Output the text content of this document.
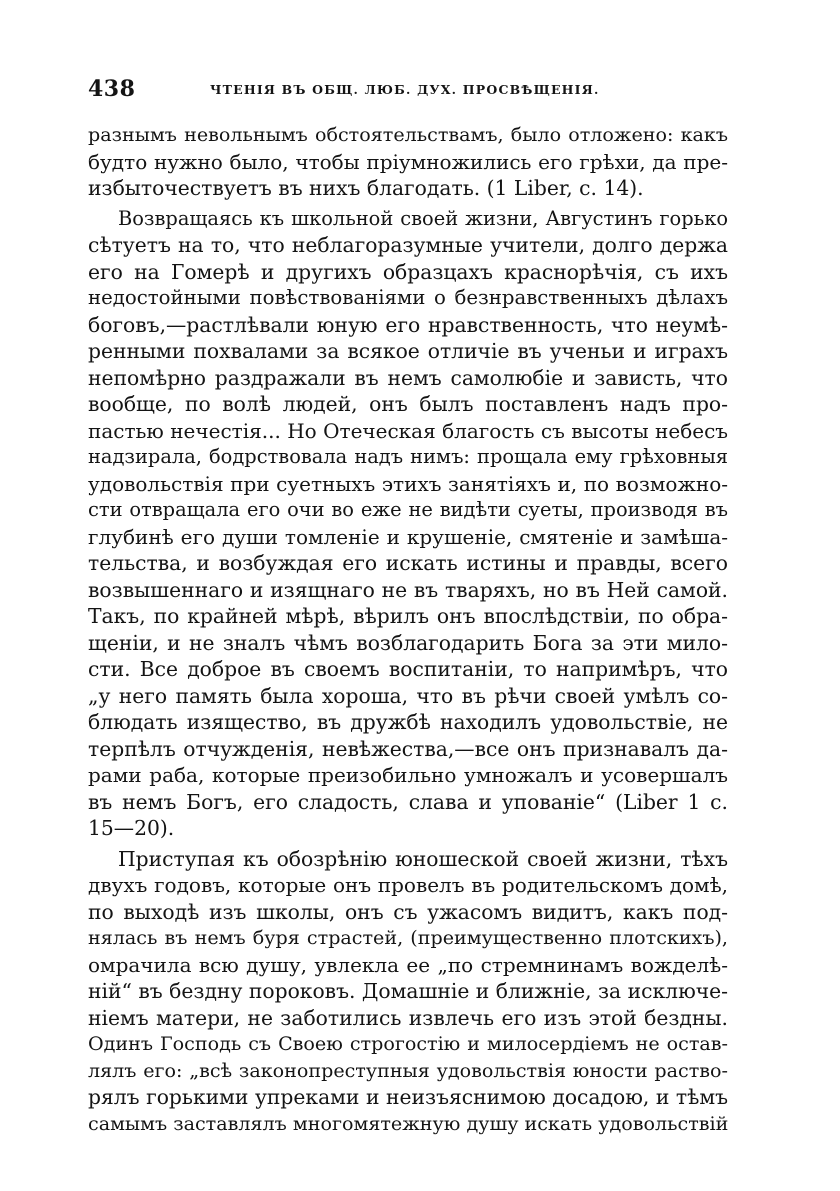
438	ЧТЕНІЯ ВЪ ОБЩ. ЛЮБ. ДУХ. ПРОСВѢЩЕНІЯ.
разнымъ невольнымъ обстоятельствамъ, было отложено: какъ
будто нужно было, чтобы пріумножились его грѣхи, да пре-
избыточествуетъ въ нихъ благодать. (1 Liber, c. 14).
Возвращаясь къ школьной своей жизни, Августинъ горько
сѣтуетъ на то, что неблагоразумные учители, долго держа
его на Гомерѣ и другихъ образцахъ краснорѣчія, съ ихъ
недостойными повѣствованіями о безнравственныхъ дѣлахъ
боговъ,—растлѣвали юную его нравственность, что неумѣ-
ренными похвалами за всякое отличіе въ ученьи и играхъ
непомѣрно раздражали въ немъ самолюбіе и зависть, что
вообще, по волѣ людей, онъ былъ поставленъ надъ про-
пастью нечестія... Но Отеческая благость съ высоты небесъ
надзирала, бодрствовала надъ нимъ: прощала ему грѣховныя
удовольствія при суетныхъ этихъ занятіяхъ и, по возможно-
сти отвращала его очи во еже не видѣти суеты, производя въ
глубинѣ его души томленіе и крушеніе, смятеніе и замѣша-
тельства, и возбуждая его искать истины и правды, всего
возвышеннаго и изящнаго не въ тваряхъ, но въ Ней самой.
Такъ, по крайней мѣрѣ, вѣрилъ онъ впослѣдствіи, по обра-
щеніи, и не зналъ чѣмъ возблагодарить Бога за эти мило-
сти. Все доброе въ своемъ воспитаніи, то напримѣръ, что
„у него память была хороша, что въ рѣчи своей умѣлъ со-
блюдать изящество, въ дружбѣ находилъ удовольствіе, не
терпѣлъ отчужденія, невѣжества,—все онъ признавалъ да-
рами раба, которые преизобильно умножалъ и усовершалъ
въ немъ Богъ, его сладость, слава и упованіе“ (Liber 1 c.
15—20).
Приступая къ обозрѣнію юношеской своей жизни, тѣхъ
двухъ годовъ, которые онъ провелъ въ родительскомъ домѣ,
по выходѣ изъ школы, онъ съ ужасомъ видитъ, какъ под-
нялась въ немъ буря страстей, (преимущественно плотскихъ),
омрачила всю душу, увлекла ее „по стремнинамъ вожделѣ-
ній“ въ бездну пороковъ. Домашніе и ближніе, за исключе-
ніемъ матери, не заботились извлечь его изъ этой бездны.
Одинъ Господь съ Своею строгостію и милосердіемъ не остав-
лялъ его: „всѣ законопреступныя удовольствія юности раство-
рялъ горькими упреками и неизъяснимою досадою, и тѣмъ
самымъ заставлялъ многомятежную душу искать удовольствій
